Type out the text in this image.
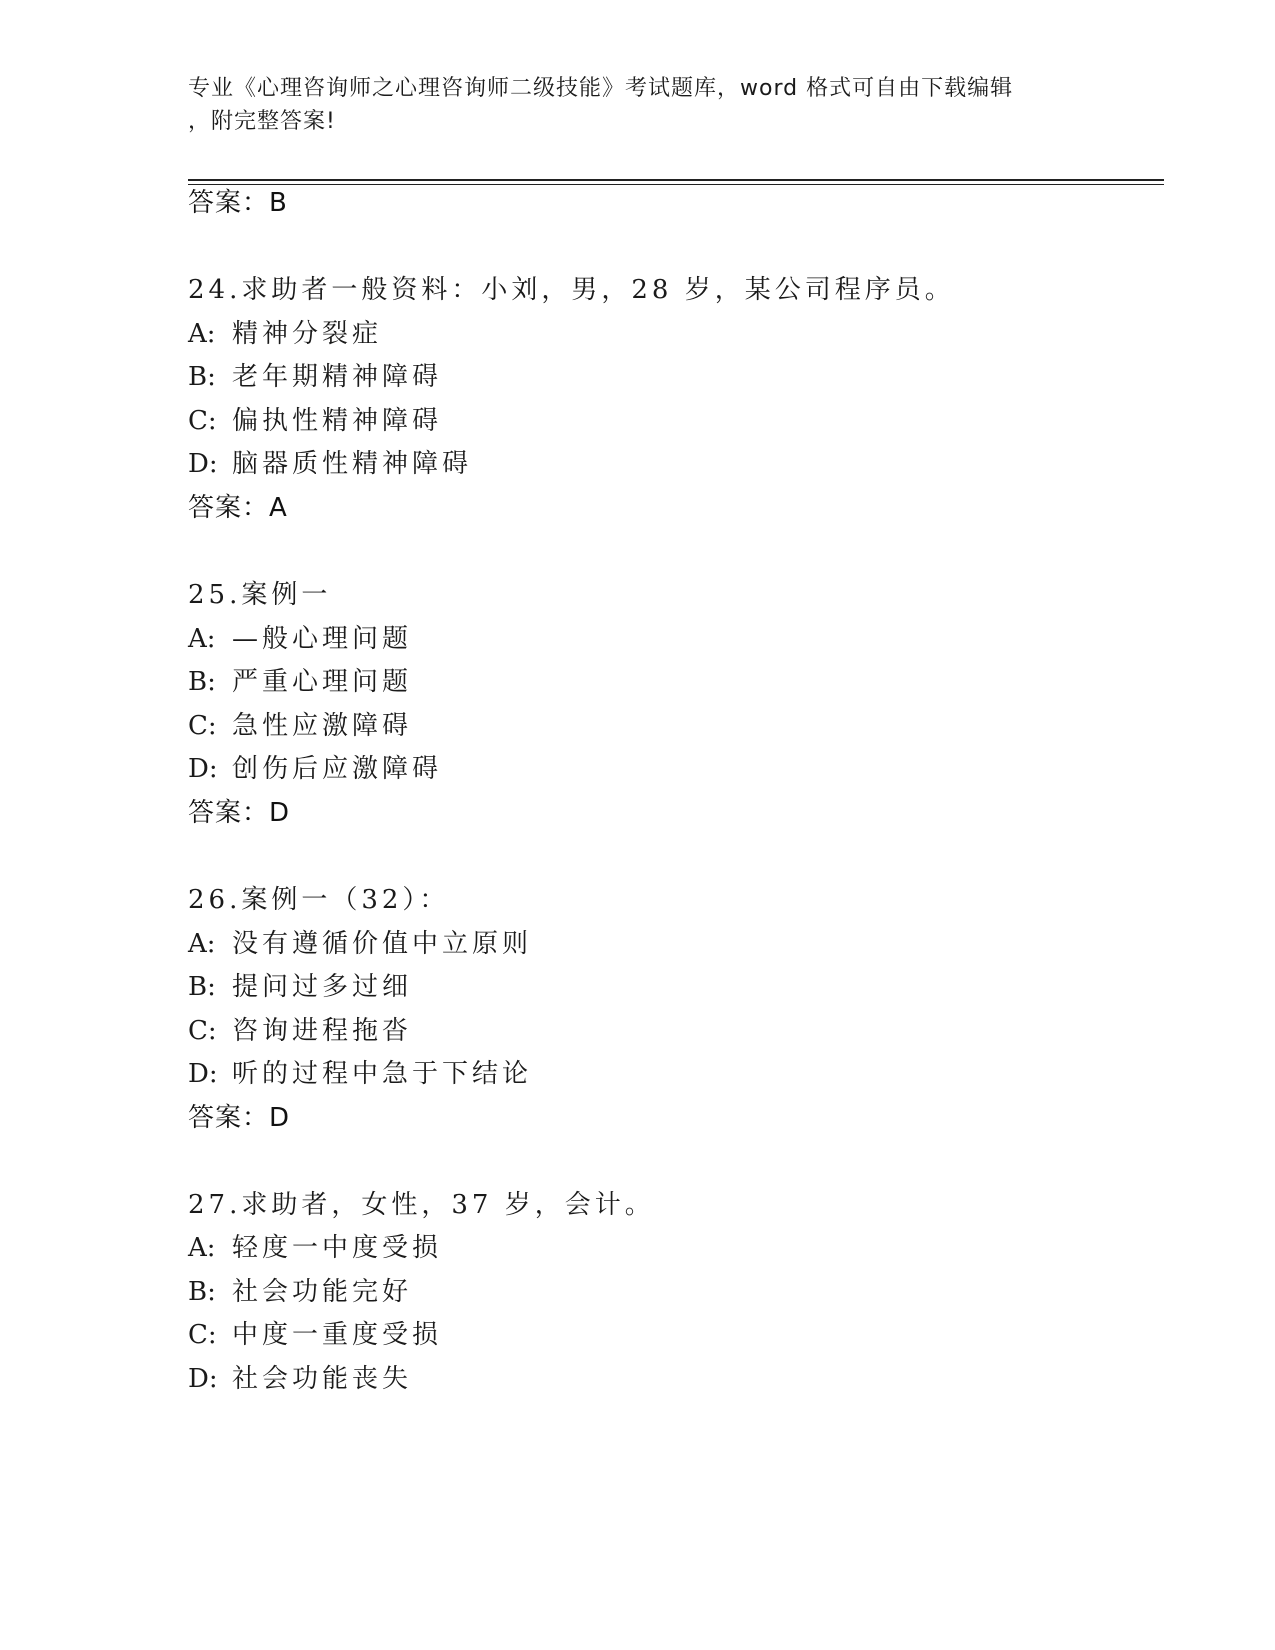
专业《心理咨询师之心理咨询师二级技能》考试题库，word 格式可自由下载编辑
，附完整答案!
答案：B
24.求助者一般资料：小刘，男，28 岁，某公司程序员。
A: 精神分裂症
B: 老年期精神障碍
C: 偏执性精神障碍
D: 脑器质性精神障碍
答案：A
25.案例一
A: —般心理问题
B: 严重心理问题
C: 急性应激障碍
D: 创伤后应激障碍
答案：D
26.案例一（32）：
A: 没有遵循价值中立原则
B: 提问过多过细
C: 咨询进程拖沓
D: 听的过程中急于下结论
答案：D
27.求助者，女性，37 岁，会计。
A: 轻度一中度受损
B: 社会功能完好
C: 中度一重度受损
D: 社会功能丧失
